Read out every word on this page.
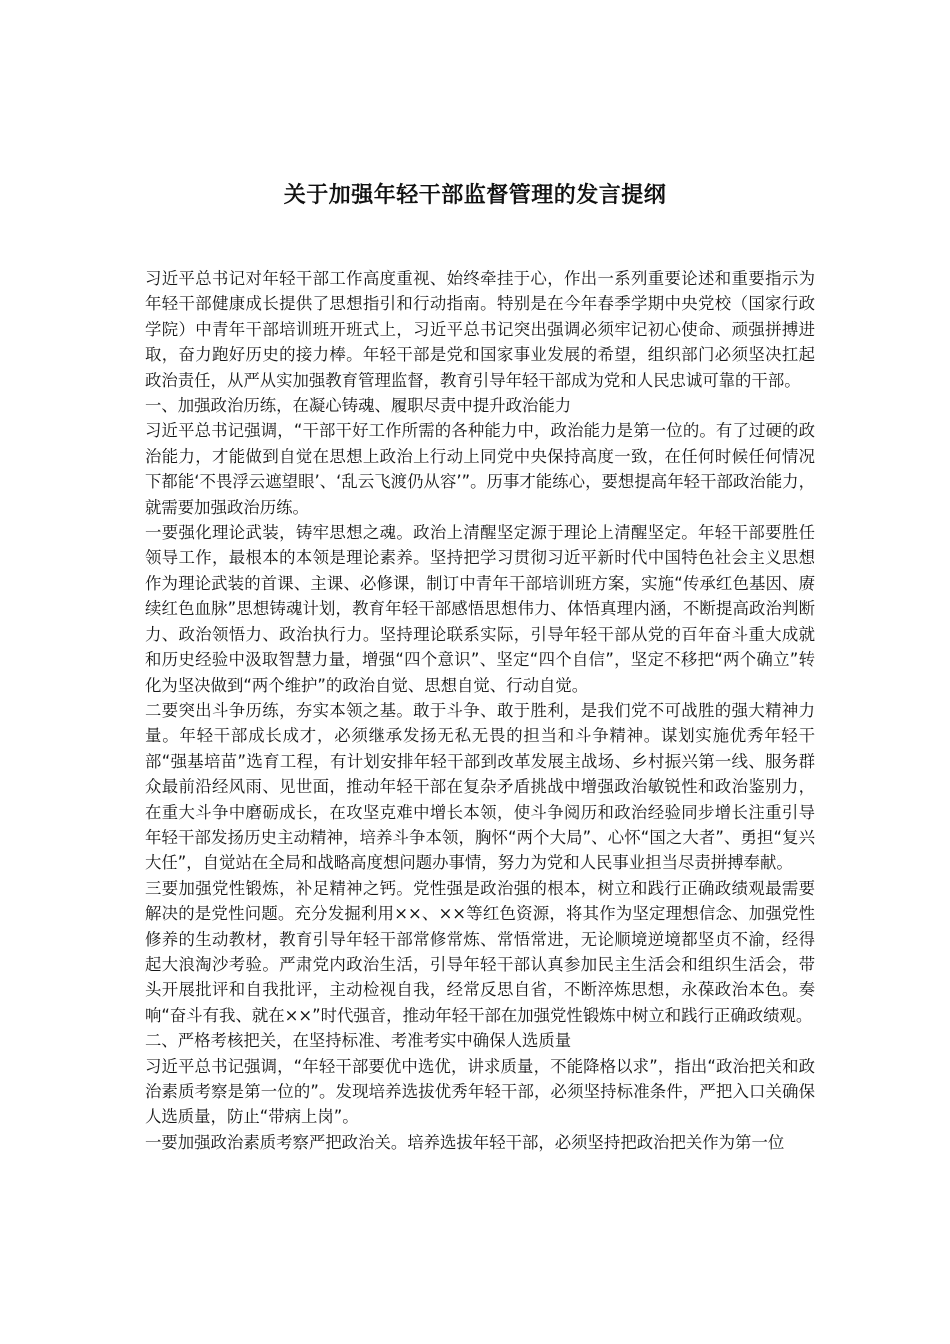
关于加强年轻干部监督管理的发言提纲

习近平总书记对年轻干部工作高度重视、始终牵挂于心，作出一系列重要论述和重要指示为年轻干部健康成长提供了思想指引和行动指南。特别是在今年春季学期中央党校（国家行政学院）中青年干部培训班开班式上，习近平总书记突出强调必须牢记初心使命、顽强拼搏进取，奋力跑好历史的接力棒。年轻干部是党和国家事业发展的希望，组织部门必须坚决扛起政治责任，从严从实加强教育管理监督，教育引导年轻干部成为党和人民忠诚可靠的干部。

一、加强政治历练，在凝心铸魂、履职尽责中提升政治能力

习近平总书记强调，“干部干好工作所需的各种能力中，政治能力是第一位的。有了过硬的政治能力，才能做到自觉在思想上政治上行动上同党中央保持高度一致，在任何时候任何情况下都能‘不畏浮云遮望眼’、‘乱云飞渡仍从容’”。历事才能练心，要想提高年轻干部政治能力，就需要加强政治历练。

一要强化理论武装，铸牢思想之魂。政治上清醒坚定源于理论上清醒坚定。年轻干部要胜任领导工作，最根本的本领是理论素养。坚持把学习贯彻习近平新时代中国特色社会主义思想作为理论武装的首课、主课、必修课，制订中青年干部培训班方案，实施“传承红色基因、赓续红色血脉”思想铸魂计划，教育年轻干部感悟思想伟力、体悟真理内涵，不断提高政治判断力、政治领悟力、政治执行力。坚持理论联系实际，引导年轻干部从党的百年奋斗重大成就和历史经验中汲取智慧力量，增强“四个意识”、坚定“四个自信”，坚定不移把“两个确立”转化为坚决做到“两个维护”的政治自觉、思想自觉、行动自觉。

二要突出斗争历练，夯实本领之基。敢于斗争、敢于胜利，是我们党不可战胜的强大精神力量。年轻干部成长成才，必须继承发扬无私无畏的担当和斗争精神。谋划实施优秀年轻干部“强基培苗”选育工程，有计划安排年轻干部到改革发展主战场、乡村振兴第一线、服务群众最前沿经风雨、见世面，推动年轻干部在复杂矛盾挑战中增强政治敏锐性和政治鉴别力，在重大斗争中磨砺成长，在攻坚克难中增长本领，使斗争阅历和政治经验同步增长注重引导年轻干部发扬历史主动精神，培养斗争本领，胸怀“两个大局”、心怀“国之大者”、勇担“复兴大任”，自觉站在全局和战略高度想问题办事情，努力为党和人民事业担当尽责拼搏奉献。

三要加强党性锻炼，补足精神之钙。党性强是政治强的根本，树立和践行正确政绩观最需要解决的是党性问题。充分发掘利用××、××等红色资源，将其作为坚定理想信念、加强党性修养的生动教材，教育引导年轻干部常修常炼、常悟常进，无论顺境逆境都坚贞不渝，经得起大浪淘沙考验。严肃党内政治生活，引导年轻干部认真参加民主生活会和组织生活会，带头开展批评和自我批评，主动检视自我，经常反思自省，不断淬炼思想，永葆政治本色。奏响“奋斗有我、就在××”时代强音，推动年轻干部在加强党性锻炼中树立和践行正确政绩观。

二、严格考核把关，在坚持标准、考准考实中确保人选质量

习近平总书记强调，“年轻干部要优中选优，讲求质量，不能降格以求”，指出“政治把关和政治素质考察是第一位的”。发现培养选拔优秀年轻干部，必须坚持标准条件，严把入口关确保人选质量，防止“带病上岗”。

一要加强政治素质考察严把政治关。培养选拔年轻干部，必须坚持把政治把关作为第一位
